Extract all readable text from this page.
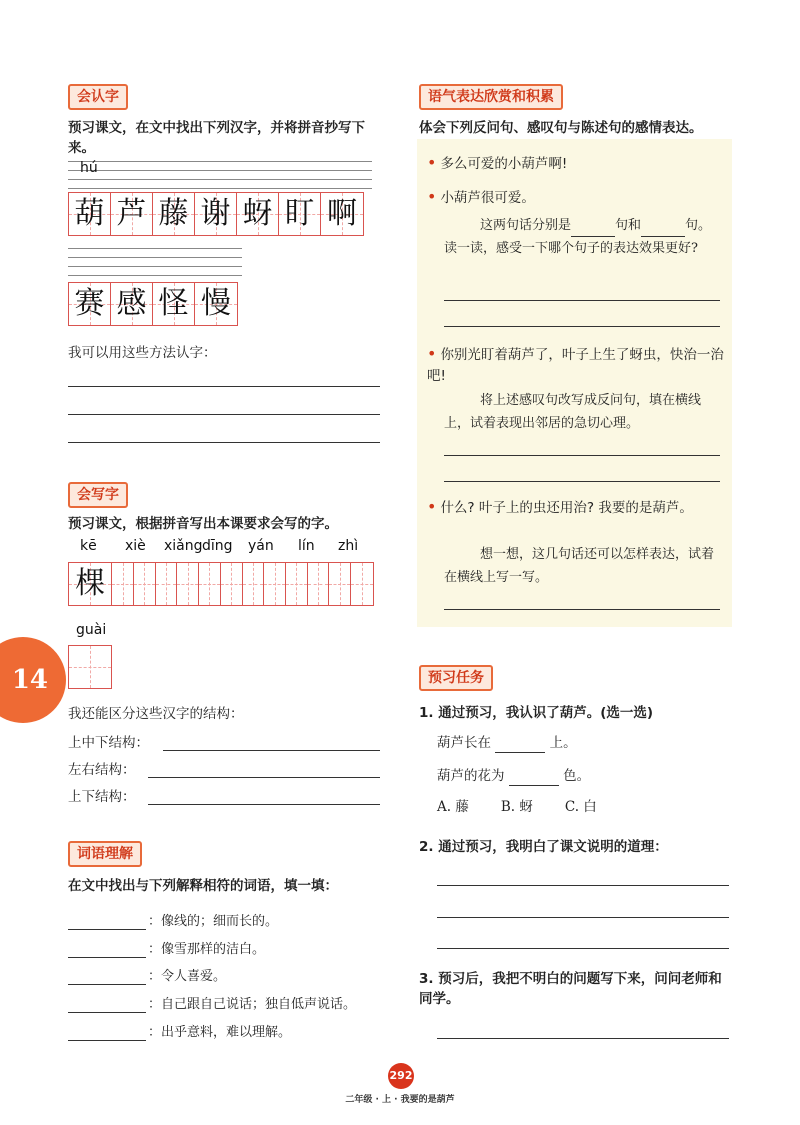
会认字
预习课文，在文中找出下列汉字，并将拼音抄写下来。
hú
葫 芦 藤 谢 蚜 盯 啊
赛 感 怪 慢
我可以用这些方法认字：
会写字
预习课文，根据拼音写出本课要求会写的字。
kē xiè xiǎng dīng yán lín zhì
棵
guài
我还能区分这些汉字的结构：
上中下结构：
左右结构：
上下结构：
词语理解
在文中找出与下列解释相符的词语，填一填：
：像线的；细而长的。
：像雪那样的洁白。
：令人喜爱。
：自己跟自己说话；独自低声说话。
：出乎意料，难以理解。
14
语气表达欣赏和积累
体会下列反问句、感叹句与陈述句的感情表达。
• 多么可爱的小葫芦啊!
• 小葫芦很可爱。
这两句话分别是	句和	句。读一读，感受一下哪个句子的表达效果更好?
• 你别光盯着葫芦了，叶子上生了蚜虫，快治一治吧!
将上述感叹句改写成反问句，填在横线上，试着表现出邻居的急切心理。
• 什么? 叶子上的虫还用治? 我要的是葫芦。
想一想，这几句话还可以怎样表达，试着在横线上写一写。
预习任务
1. 通过预习，我认识了葫芦。(选一选)
葫芦长在	上。
葫芦的花为	色。
A. 藤 B. 蚜 C. 白
2. 通过预习，我明白了课文说明的道理：
3. 预习后，我把不明白的问题写下来，问问老师和同学。
292
二年级 · 上 · 我要的是葫芦
